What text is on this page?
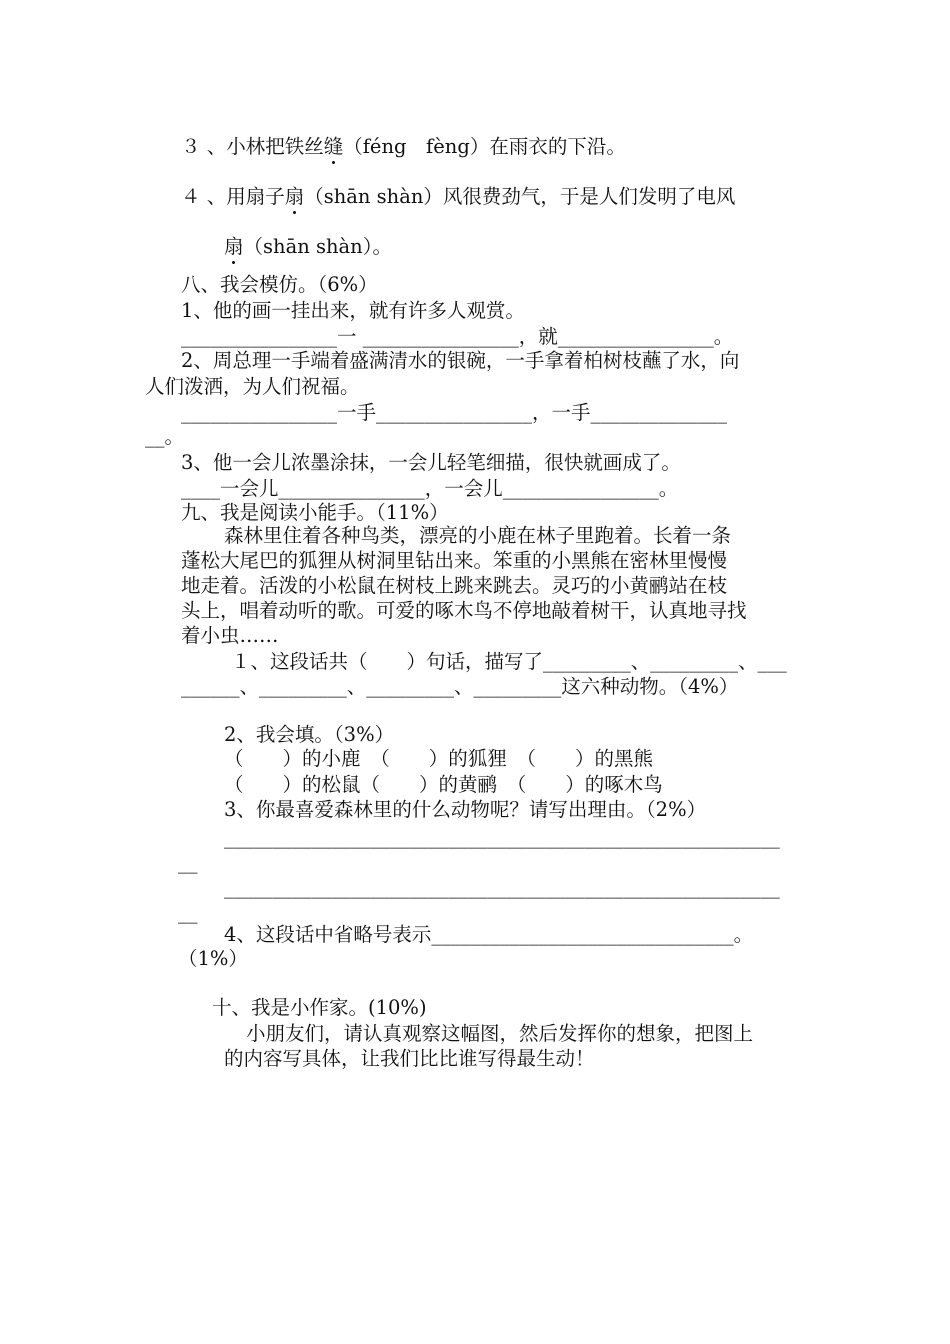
３ 、小林把铁丝缝（féng　fèng）在雨衣的下沿。
４ 、用扇子扇（shān shàn）风很费劲气，于是人们发明了电风
扇（shān shàn）。
八、我会模仿。（6%）
1、他的画一挂出来，就有许多人观赏。
________________一 ________________，就________________。
2、周总理一手端着盛满清水的银碗，一手拿着柏树枝蘸了水，向
人们泼洒，为人们祝福。
________________一手________________，一手______________
__。
3、他一会儿浓墨涂抹，一会儿轻笔细描，很快就画成了。
____一会儿_______________，一会儿________________。
九、我是阅读小能手。（11%）
森林里住着各种鸟类，漂亮的小鹿在林子里跑着。长着一条
蓬松大尾巴的狐狸从树洞里钻出来。笨重的小黑熊在密林里慢慢
地走着。活泼的小松鼠在树枝上跳来跳去。灵巧的小黄鹂站在枝
头上，唱着动听的歌。可爱的啄木鸟不停地敲着树干，认真地寻找
着小虫……
１、这段话共（　　）句话，描写了_________、_________、___
______、_________、_________、_________这六种动物。（4%）
2、我会填。（3%）
（　　）的小鹿　（　　）的狐狸　（　　）的黑熊
（　　）的松鼠（　　）的黄鹂　（　　）的啄木鸟
3、你最喜爱森林里的什么动物呢？请写出理由。（2%）
_________________________________________________________
__
_________________________________________________________
__
4、这段话中省略号表示_______________________________。
（1%）
十、我是小作家。(10%)
小朋友们，请认真观察这幅图，然后发挥你的想象，把图上
的内容写具体，让我们比比谁写得最生动！
